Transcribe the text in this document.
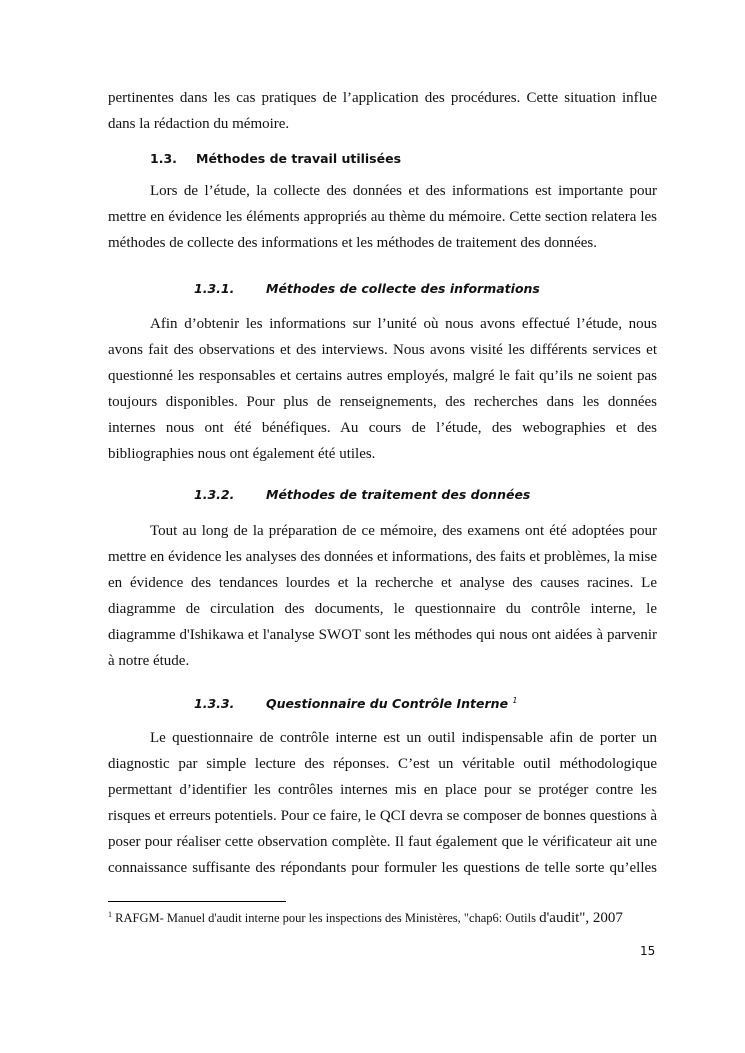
pertinentes dans les cas pratiques de l’application des procédures. Cette situation influe
dans la rédaction du mémoire.
1.3. Méthodes de travail utilisées
Lors de l’étude, la collecte des données et des informations est importante pour
mettre en évidence les éléments appropriés au thème du mémoire. Cette section relatera les
méthodes de collecte des informations et les méthodes de traitement des données.
1.3.1.	Méthodes de collecte des informations
Afin d’obtenir les informations sur l’unité où nous avons effectué l’étude, nous
avons fait des observations et des interviews. Nous avons visité les différents services et
questionné les responsables et certains autres employés, malgré le fait qu’ils ne soient pas
toujours disponibles. Pour plus de renseignements, des recherches dans les données
internes nous ont été bénéfiques. Au cours de l’étude, des webographies et des
bibliographies nous ont également été utiles.
1.3.2.	Méthodes de traitement des données
Tout au long de la préparation de ce mémoire, des examens ont été adoptées pour
mettre en évidence les analyses des données et informations, des faits et problèmes, la mise
en évidence des tendances lourdes et la recherche et analyse des causes racines. Le
diagramme de circulation des documents, le questionnaire du contrôle interne, le
diagramme d'Ishikawa et l'analyse SWOT sont les méthodes qui nous ont aidées à parvenir
à notre étude.
1.3.3.	Questionnaire du Contrôle Interne $^1$
Le questionnaire de contrôle interne est un outil indispensable afin de porter un
diagnostic par simple lecture des réponses. C’est un véritable outil méthodologique
permettant d’identifier les contrôles internes mis en place pour se protéger contre les
risques et erreurs potentiels. Pour ce faire, le QCI devra se composer de bonnes questions à
poser pour réaliser cette observation complète. Il faut également que le vérificateur ait une
connaissance suffisante des répondants pour formuler les questions de telle sorte qu’elles
$^1$ RAFGM- Manuel d'audit interne pour les inspections des Ministères, "chap6: Outils d'audit", 2007
15
